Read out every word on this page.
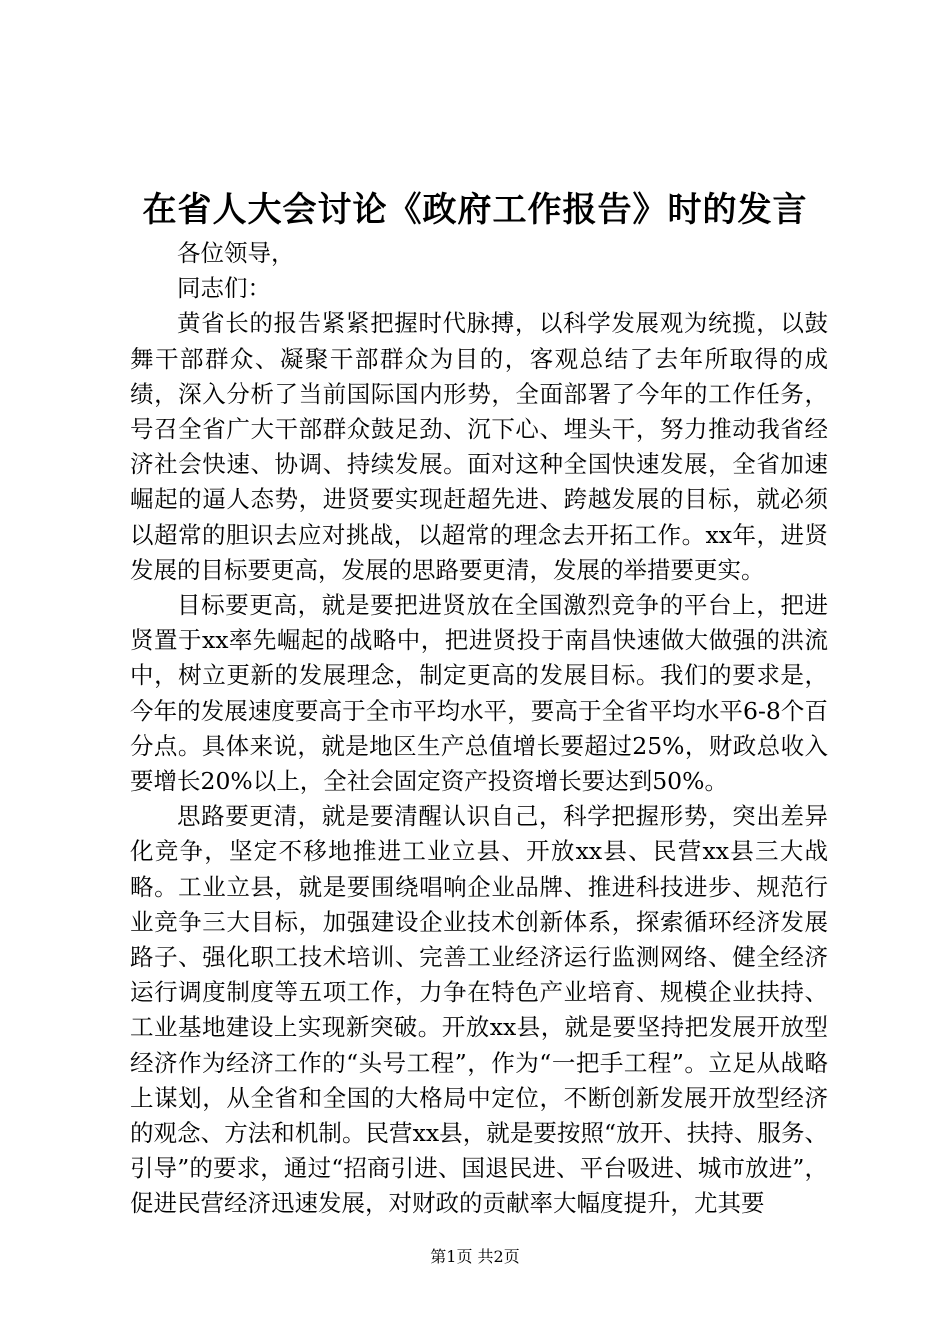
在省人大会讨论《政府工作报告》时的发言

各位领导，

同志们：

黄省长的报告紧紧把握时代脉搏，以科学发展观为统揽，以鼓舞干部群众、凝聚干部群众为目的，客观总结了去年所取得的成绩，深入分析了当前国际国内形势，全面部署了今年的工作任务，号召全省广大干部群众鼓足劲、沉下心、埋头干，努力推动我省经济社会快速、协调、持续发展。面对这种全国快速发展，全省加速崛起的逼人态势，进贤要实现赶超先进、跨越发展的目标，就必须以超常的胆识去应对挑战，以超常的理念去开拓工作。xx年，进贤发展的目标要更高，发展的思路要更清，发展的举措要更实。

目标要更高，就是要把进贤放在全国激烈竞争的平台上，把进贤置于xx率先崛起的战略中，把进贤投于南昌快速做大做强的洪流中，树立更新的发展理念，制定更高的发展目标。我们的要求是，今年的发展速度要高于全市平均水平，要高于全省平均水平6-8个百分点。具体来说，就是地区生产总值增长要超过25%，财政总收入要增长20%以上，全社会固定资产投资增长要达到50%。

思路要更清，就是要清醒认识自己，科学把握形势，突出差异化竞争，坚定不移地推进工业立县、开放xx县、民营xx县三大战略。工业立县，就是要围绕唱响企业品牌、推进科技进步、规范行业竞争三大目标，加强建设企业技术创新体系，探索循环经济发展路子、强化职工技术培训、完善工业经济运行监测网络、健全经济运行调度制度等五项工作，力争在特色产业培育、规模企业扶持、工业基地建设上实现新突破。开放xx县，就是要坚持把发展开放型经济作为经济工作的“头号工程”，作为“一把手工程”。立足从战略上谋划，从全省和全国的大格局中定位，不断创新发展开放型经济的观念、方法和机制。民营xx县，就是要按照“放开、扶持、服务、引导”的要求，通过“招商引进、国退民进、平台吸进、城市放进”，促进民营经济迅速发展，对财政的贡献率大幅度提升，尤其要

第1页 共2页
